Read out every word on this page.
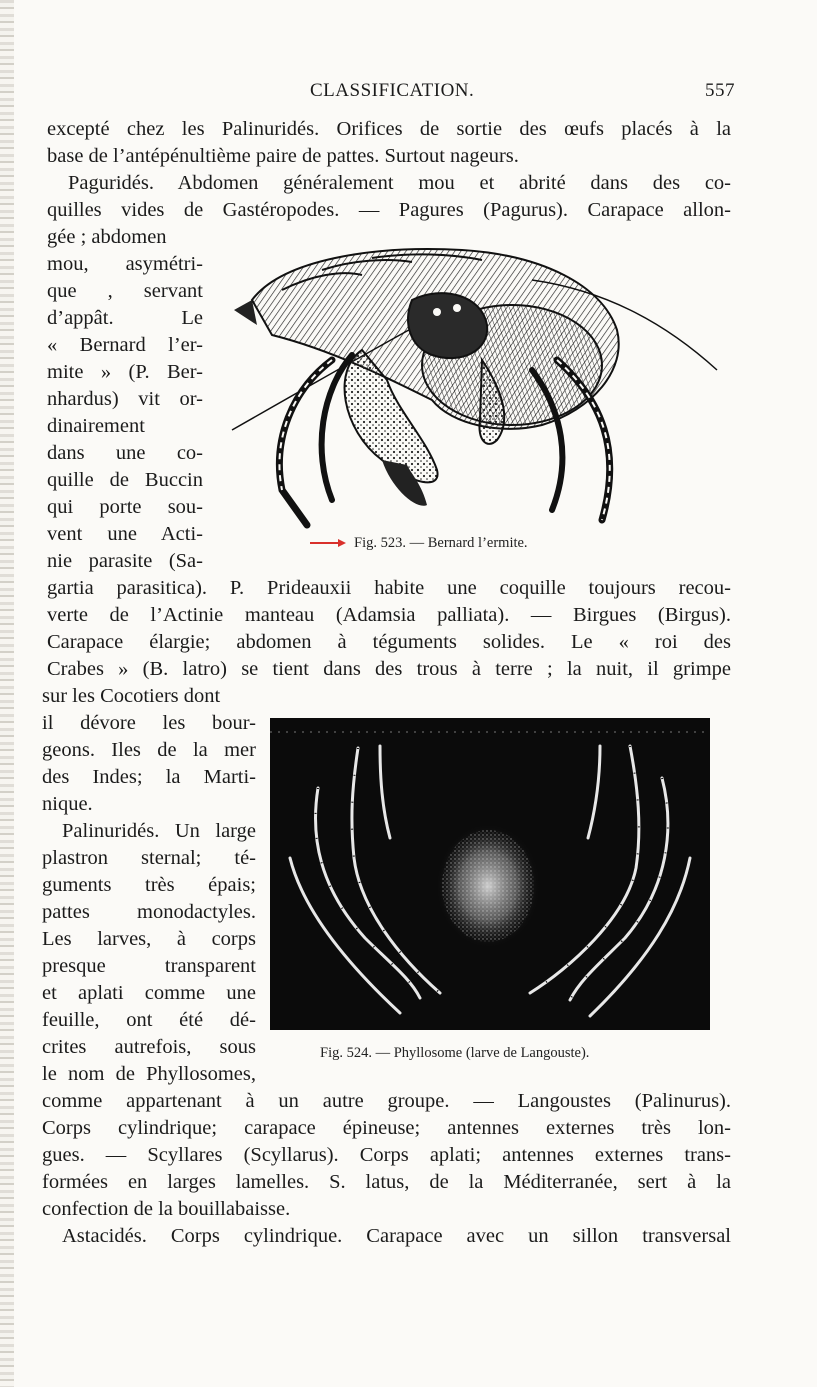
CLASSIFICATION.	557
excepté chez les Palinuridés. Orifices de sortie des œufs placés à la
base de l’antépénultième paire de pattes. Surtout nageurs.
Paguridés. Abdomen généralement mou et abrité dans des co-
quilles vides de Gastéropodes. — Pagures (Pagurus). Carapace allon-
gée ; abdomen
mou, asymétri-
que , servant
d’appât. Le
« Bernard l’er-
mite » (P. Ber-
nhardus) vit or-
dinairement
dans une co-
quille de Buccin
qui porte sou-
vent une Acti-
nie parasite (Sa-
gartia parasitica). P. Prideauxii habite une coquille toujours recou-
verte de l’Actinie manteau (Adamsia palliata). — Birgues (Birgus).
Carapace élargie; abdomen à téguments solides. Le « roi des
Crabes » (B. latro) se tient dans des trous à terre ; la nuit, il grimpe
sur les Cocotiers dont
il dévore les bour-
geons. Iles de la mer
des Indes; la Marti-
nique.
Palinuridés. Un large
plastron sternal; té-
guments très épais;
pattes monodactyles.
Les larves, à corps
presque transparent
et aplati comme une
feuille, ont été dé-
crites autrefois, sous
le nom de Phyllosomes,
comme appartenant à un autre groupe. — Langoustes (Palinurus).
Corps cylindrique; carapace épineuse; antennes externes très lon-
gues. — Scyllares (Scyllarus). Corps aplati; antennes externes trans-
formées en larges lamelles. S. latus, de la Méditerranée, sert à la
confection de la bouillabaisse.
Astacidés. Corps cylindrique. Carapace avec un sillon transversal
Fig. 523. — Bernard l’ermite.
Fig. 524. — Phyllosome (larve de Langouste).
